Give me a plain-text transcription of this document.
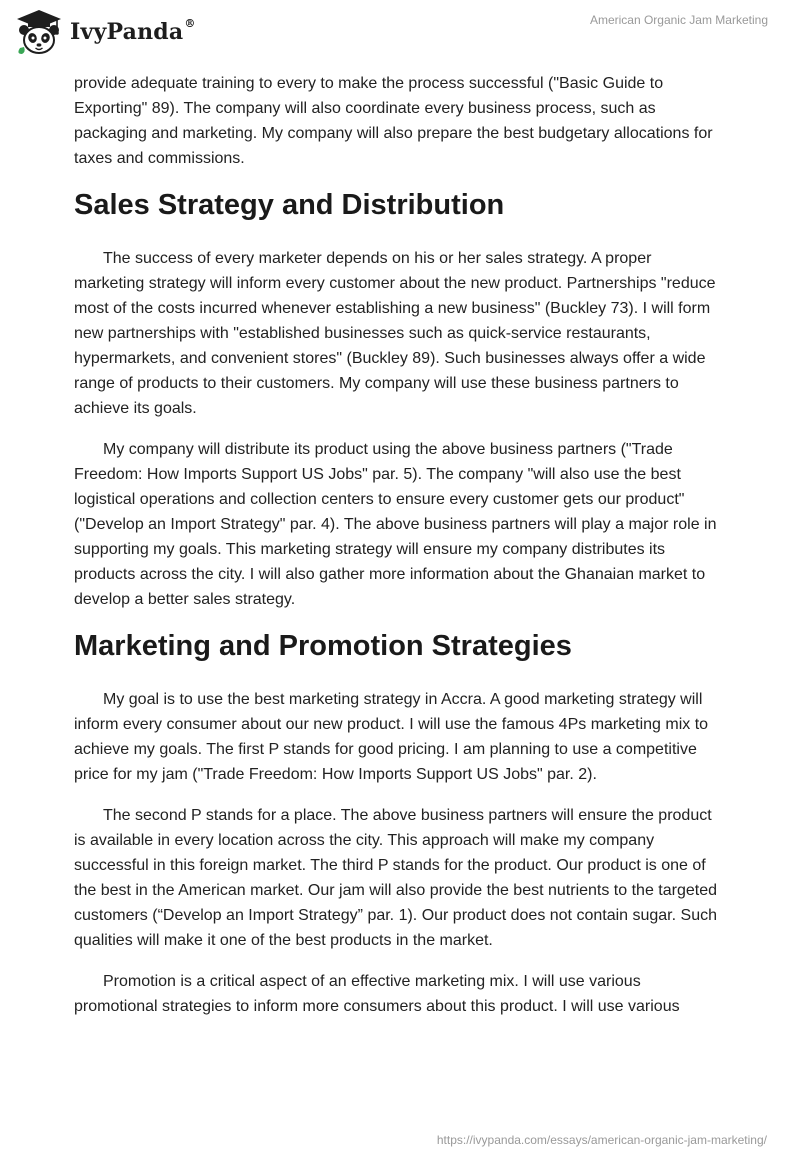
IvyPanda®	American Organic Jam Marketing

provide adequate training to every to make the process successful ("Basic Guide to Exporting" 89). The company will also coordinate every business process, such as packaging and marketing. My company will also prepare the best budgetary allocations for taxes and commissions.

Sales Strategy and Distribution

The success of every marketer depends on his or her sales strategy. A proper marketing strategy will inform every customer about the new product. Partnerships "reduce most of the costs incurred whenever establishing a new business" (Buckley 73). I will form new partnerships with "established businesses such as quick-service restaurants, hypermarkets, and convenient stores" (Buckley 89). Such businesses always offer a wide range of products to their customers. My company will use these business partners to achieve its goals.

My company will distribute its product using the above business partners ("Trade Freedom: How Imports Support US Jobs" par. 5). The company "will also use the best logistical operations and collection centers to ensure every customer gets our product" ("Develop an Import Strategy" par. 4). The above business partners will play a major role in supporting my goals. This marketing strategy will ensure my company distributes its products across the city. I will also gather more information about the Ghanaian market to develop a better sales strategy.

Marketing and Promotion Strategies

My goal is to use the best marketing strategy in Accra. A good marketing strategy will inform every consumer about our new product. I will use the famous 4Ps marketing mix to achieve my goals. The first P stands for good pricing. I am planning to use a competitive price for my jam ("Trade Freedom: How Imports Support US Jobs" par. 2).

The second P stands for a place. The above business partners will ensure the product is available in every location across the city. This approach will make my company successful in this foreign market. The third P stands for the product. Our product is one of the best in the American market. Our jam will also provide the best nutrients to the targeted customers (“Develop an Import Strategy” par. 1). Our product does not contain sugar. Such qualities will make it one of the best products in the market.

Promotion is a critical aspect of an effective marketing mix. I will use various promotional strategies to inform more consumers about this product. I will use various

https://ivypanda.com/essays/american-organic-jam-marketing/
